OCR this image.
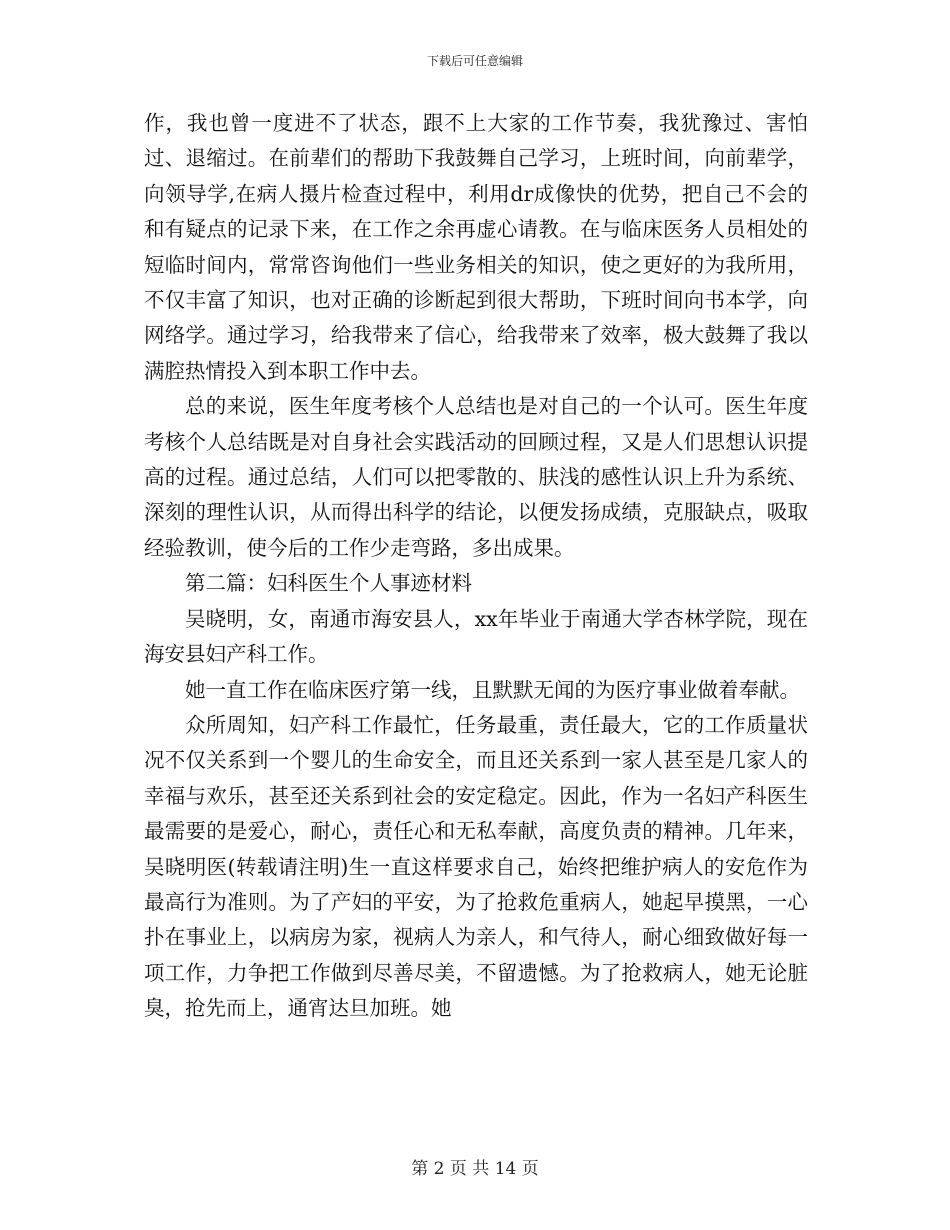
下载后可任意编辑

作，我也曾一度进不了状态，跟不上大家的工作节奏，我犹豫过、害怕过、退缩过。在前辈们的帮助下我鼓舞自己学习，上班时间，向前辈学，向领导学,在病人摄片检查过程中，利用dr成像快的优势，把自己不会的和有疑点的记录下来，在工作之余再虚心请教。在与临床医务人员相处的短临时间内，常常咨询他们一些业务相关的知识，使之更好的为我所用，不仅丰富了知识，也对正确的诊断起到很大帮助，下班时间向书本学，向网络学。通过学习，给我带来了信心，给我带来了效率，极大鼓舞了我以满腔热情投入到本职工作中去。

总的来说，医生年度考核个人总结也是对自己的一个认可。医生年度考核个人总结既是对自身社会实践活动的回顾过程，又是人们思想认识提高的过程。通过总结，人们可以把零散的、肤浅的感性认识上升为系统、深刻的理性认识，从而得出科学的结论，以便发扬成绩，克服缺点，吸取经验教训，使今后的工作少走弯路，多出成果。

第二篇：妇科医生个人事迹材料

吴晓明，女，南通市海安县人，xx年毕业于南通大学杏林学院，现在海安县妇产科工作。

她一直工作在临床医疗第一线，且默默无闻的为医疗事业做着奉献。

众所周知，妇产科工作最忙，任务最重，责任最大，它的工作质量状况不仅关系到一个婴儿的生命安全，而且还关系到一家人甚至是几家人的幸福与欢乐，甚至还关系到社会的安定稳定。因此，作为一名妇产科医生最需要的是爱心，耐心，责任心和无私奉献，高度负责的精神。几年来，吴晓明医(转载请注明)生一直这样要求自己，始终把维护病人的安危作为最高行为准则。为了产妇的平安，为了抢救危重病人，她起早摸黑，一心扑在事业上，以病房为家，视病人为亲人，和气待人，耐心细致做好每一项工作，力争把工作做到尽善尽美，不留遗憾。为了抢救病人，她无论脏臭，抢先而上，通宵达旦加班。她

第 2 页 共 14 页
